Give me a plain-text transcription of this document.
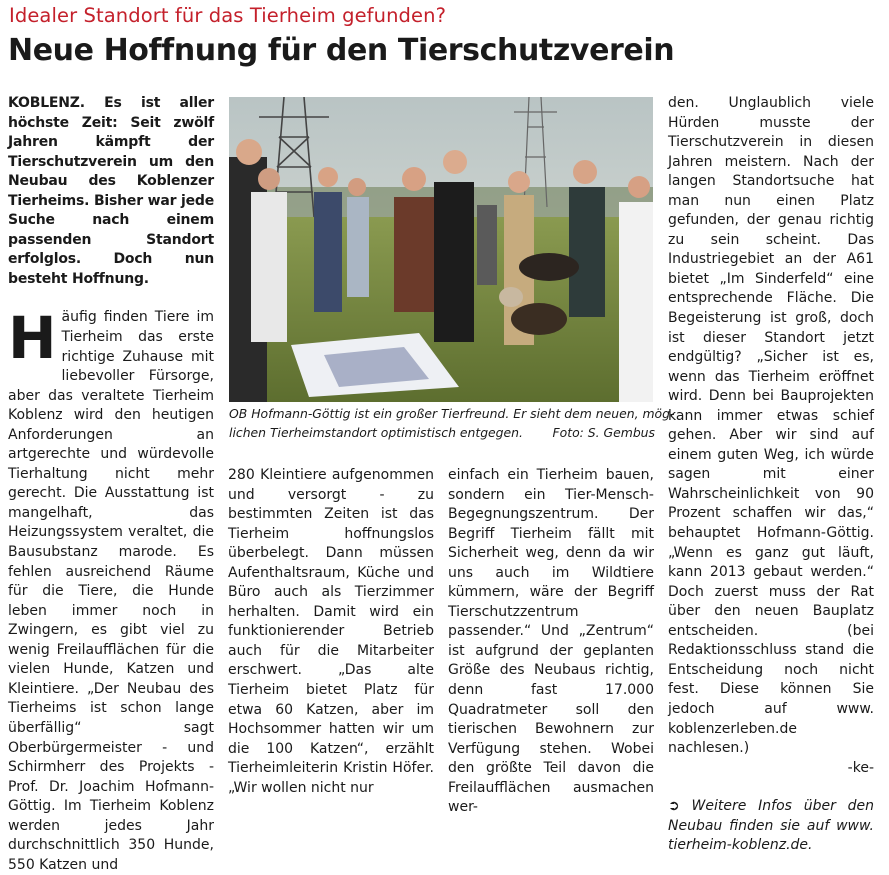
Idealer Standort für das Tierheim gefunden?
Neue Hoffnung für den Tierschutzverein

KOBLENZ. Es ist aller höchste Zeit: Seit zwölf Jahren kämpft der Tierschutzverein um den Neubau des Koblenzer Tierheims. Bisher war jede Suche nach einem passenden Standort erfolglos. Doch nun besteht Hoffnung.

Häufig finden Tiere im Tierheim das erste richtige Zuhause mit liebevoller Fürsorge, aber das veraltete Tierheim Koblenz wird den heutigen Anforderungen an artgerechte und würdevolle Tierhaltung nicht mehr gerecht. Die Ausstattung ist mangelhaft, das Heizungssystem veraltet, die Bausubstanz marode. Es fehlen ausreichend Räume für die Tiere, die Hunde leben immer noch in Zwingern, es gibt viel zu wenig Freilaufflächen für die vielen Hunde, Katzen und Kleintiere. „Der Neubau des Tierheims ist schon lange überfällig“ sagt Oberbürgermeister - und Schirmherr des Projekts - Prof. Dr. Joachim Hofmann-Göttig. Im Tierheim Koblenz werden jedes Jahr durchschnittlich 350 Hunde, 550 Katzen und

OB Hofmann-Göttig ist ein großer Tierfreund. Er sieht dem neuen, mög-
lichen Tierheimstandort optimistisch entgegen.	Foto: S. Gembus

280 Kleintiere aufgenommen und versorgt - zu bestimmten Zeiten ist das Tierheim hoffnungslos überbelegt. Dann müssen Aufenthaltsraum, Küche und Büro auch als Tierzimmer herhalten. Damit wird ein funktionierender Betrieb auch für die Mitarbeiter erschwert. „Das alte Tierheim bietet Platz für etwa 60 Katzen, aber im Hochsommer hatten wir um die 100 Katzen“, erzählt Tierheimleiterin Kristin Höfer. „Wir wollen nicht nur

einfach ein Tierheim bauen, sondern ein Tier-Mensch-Begegnungszentrum. Der Begriff Tierheim fällt mit Sicherheit weg, denn da wir uns auch im Wildtiere kümmern, wäre der Begriff Tierschutzzentrum passender.“ Und „Zentrum“ ist aufgrund der geplanten Größe des Neubaus richtig, denn fast 17.000 Quadratmeter soll den tierischen Bewohnern zur Verfügung stehen. Wobei den größte Teil davon die Freilaufflächen ausmachen wer-

den. Unglaublich viele Hürden musste der Tierschutzverein in diesen Jahren meistern. Nach der langen Standortsuche hat man nun einen Platz gefunden, der genau richtig zu sein scheint. Das Industriegebiet an der A61 bietet „Im Sinderfeld“ eine entsprechende Fläche. Die Begeisterung ist groß, doch ist dieser Standort jetzt endgültig? „Sicher ist es, wenn das Tierheim eröffnet wird. Denn bei Bauprojekten kann immer etwas schief gehen. Aber wir sind auf einem guten Weg, ich würde sagen mit einer Wahrscheinlichkeit von 90 Prozent schaffen wir das,“ behauptet Hofmann-Göttig. „Wenn es ganz gut läuft, kann 2013 gebaut werden.“ Doch zuerst muss der Rat über den neuen Bauplatz entscheiden. (bei Redaktionsschluss stand die Entscheidung noch nicht fest. Diese können Sie jedoch auf www. koblenzerleben.de nachlesen.)

-ke-

➲ Weitere Infos über den Neubau finden sie auf www. tierheim-koblenz.de.
